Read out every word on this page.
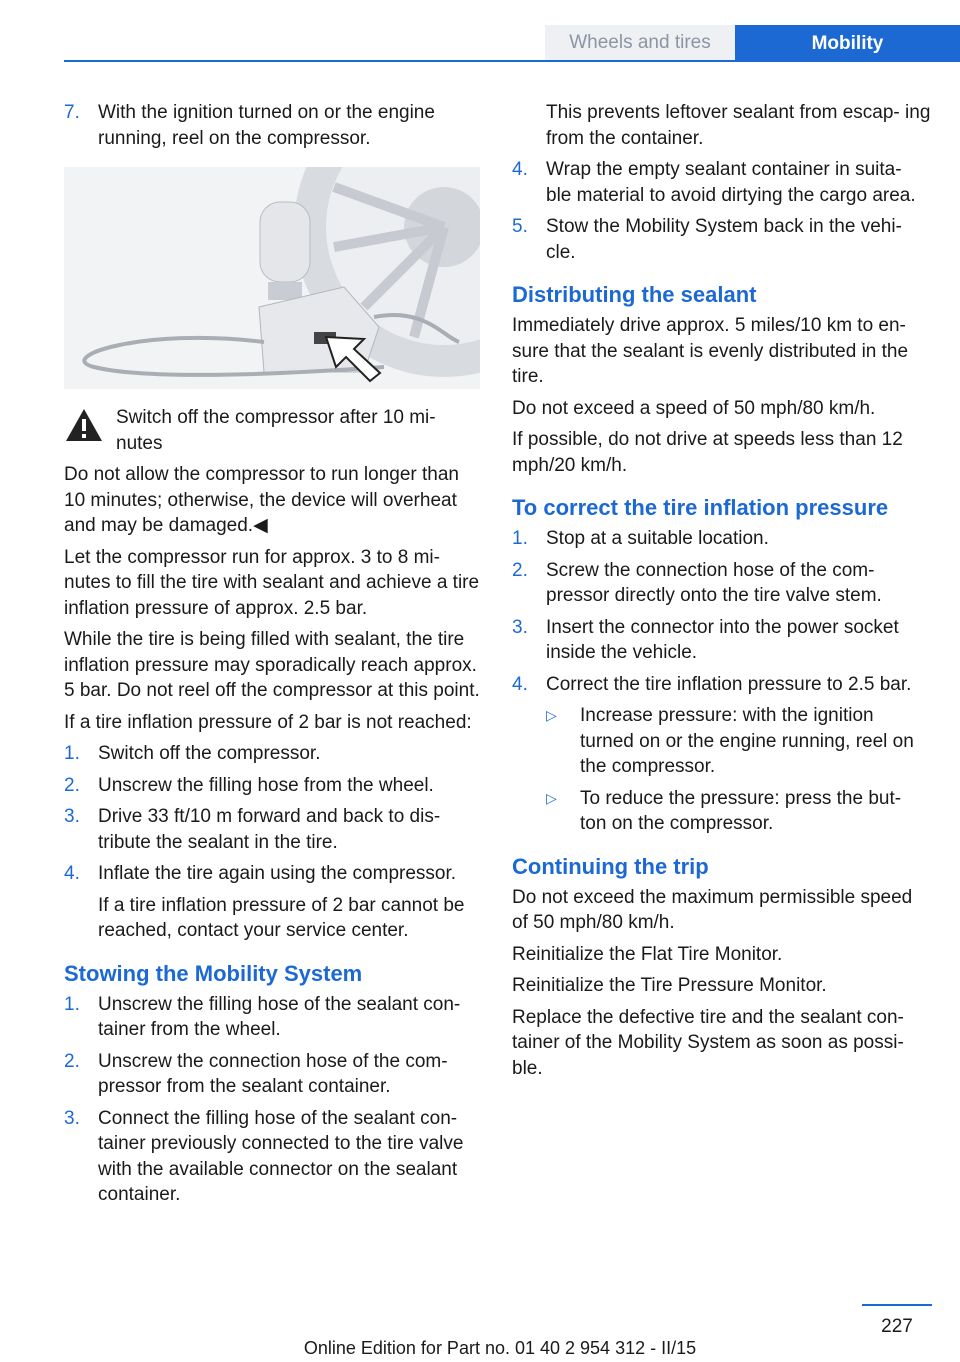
Wheels and tires	Mobility
7. With the ignition turned on or the engine running, reel on the compressor.
Switch off the compressor after 10 mi‐ nutes

Do not allow the compressor to run longer than 10 minutes; otherwise, the device will overheat and may be damaged.◀

Let the compressor run for approx. 3 to 8 mi‐ nutes to fill the tire with sealant and achieve a tire inflation pressure of approx. 2.5 bar.

While the tire is being filled with sealant, the tire inflation pressure may sporadically reach approx. 5 bar. Do not reel off the compressor at this point.

If a tire inflation pressure of 2 bar is not reached:

1. Switch off the compressor.
2. Unscrew the filling hose from the wheel.
3. Drive 33 ft/10 m forward and back to dis‐ tribute the sealant in the tire.
4. Inflate the tire again using the compressor.
If a tire inflation pressure of 2 bar cannot be reached, contact your service center.
Stowing the Mobility System
1. Unscrew the filling hose of the sealant con‐ tainer from the wheel.
2. Unscrew the connection hose of the com‐ pressor from the sealant container.
3. Connect the filling hose of the sealant con‐ tainer previously connected to the tire valve with the available connector on the sealant container.
This prevents leftover sealant from escap‐ ing from the container.
4. Wrap the empty sealant container in suita‐ ble material to avoid dirtying the cargo area.
5. Stow the Mobility System back in the vehi‐ cle.
Distributing the sealant

Immediately drive approx. 5 miles/10 km to en‐ sure that the sealant is evenly distributed in the tire.

Do not exceed a speed of 50 mph/80 km/h.

If possible, do not drive at speeds less than 12 mph/20 km/h.

To correct the tire inflation pressure
1. Stop at a suitable location.
2. Screw the connection hose of the com‐ pressor directly onto the tire valve stem.
3. Insert the connector into the power socket inside the vehicle.
4. Correct the tire inflation pressure to 2.5 bar.
▷ Increase pressure: with the ignition turned on or the engine running, reel on the compressor.
▷ To reduce the pressure: press the but‐ ton on the compressor.
Continuing the trip

Do not exceed the maximum permissible speed of 50 mph/80 km/h.

Reinitialize the Flat Tire Monitor.

Reinitialize the Tire Pressure Monitor.

Replace the defective tire and the sealant con‐ tainer of the Mobility System as soon as possi‐ ble.

227
Online Edition for Part no. 01 40 2 954 312 - II/15
